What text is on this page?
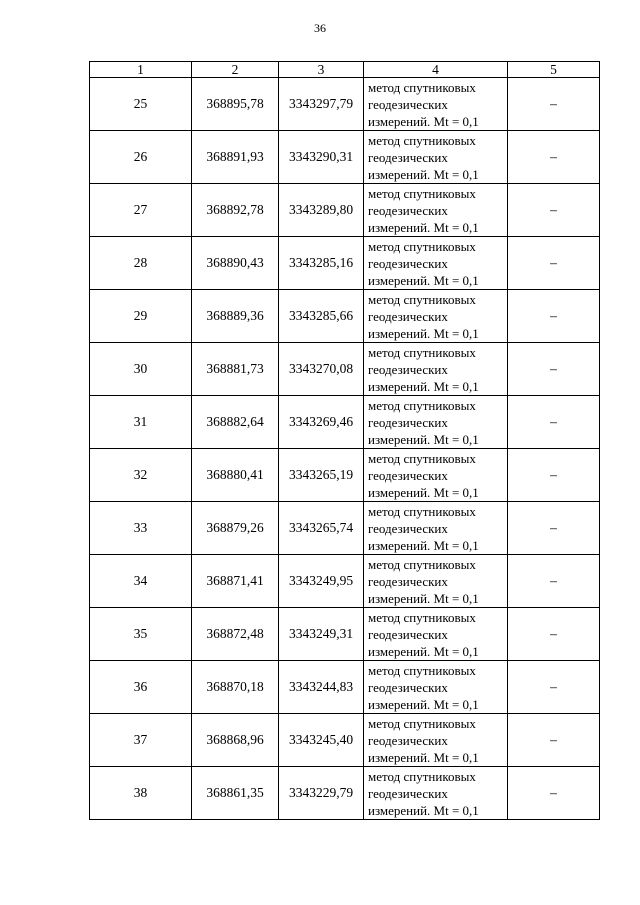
36
1	2	3	4	5
25	368895,78	3343297,79	метод спутниковых
геодезических
измерений. Mt = 0,1	–
26	368891,93	3343290,31	метод спутниковых
геодезических
измерений. Mt = 0,1	–
27	368892,78	3343289,80	метод спутниковых
геодезических
измерений. Mt = 0,1	–
28	368890,43	3343285,16	метод спутниковых
геодезических
измерений. Mt = 0,1	–
29	368889,36	3343285,66	метод спутниковых
геодезических
измерений. Mt = 0,1	–
30	368881,73	3343270,08	метод спутниковых
геодезических
измерений. Mt = 0,1	–
31	368882,64	3343269,46	метод спутниковых
геодезических
измерений. Mt = 0,1	–
32	368880,41	3343265,19	метод спутниковых
геодезических
измерений. Mt = 0,1	–
33	368879,26	3343265,74	метод спутниковых
геодезических
измерений. Mt = 0,1	–
34	368871,41	3343249,95	метод спутниковых
геодезических
измерений. Mt = 0,1	–
35	368872,48	3343249,31	метод спутниковых
геодезических
измерений. Mt = 0,1	–
36	368870,18	3343244,83	метод спутниковых
геодезических
измерений. Mt = 0,1	–
37	368868,96	3343245,40	метод спутниковых
геодезических
измерений. Mt = 0,1	–
38	368861,35	3343229,79	метод спутниковых
геодезических
измерений. Mt = 0,1	–
